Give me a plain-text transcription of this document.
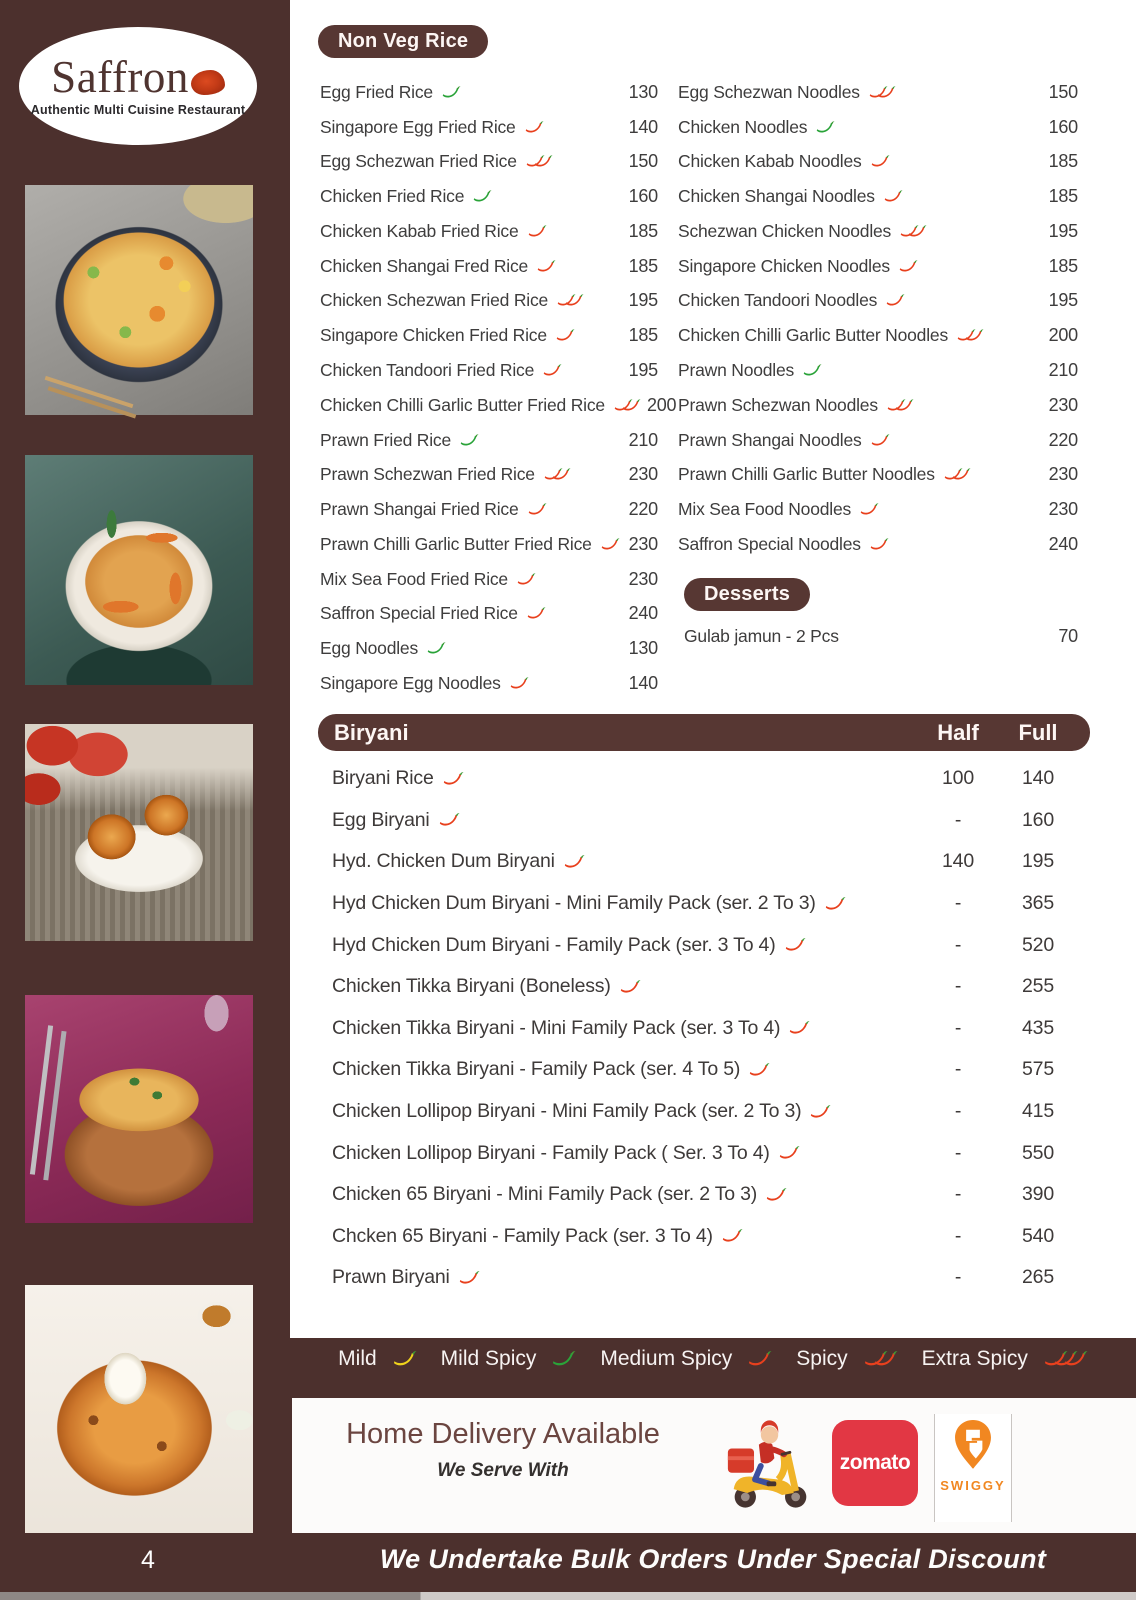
Saffron
Authentic Multi Cuisine Restaurant
Non Veg Rice
Egg Fried Rice	130
Singapore Egg Fried Rice	140
Egg Schezwan Fried Rice	150
Chicken Fried Rice	160
Chicken Kabab Fried Rice	185
Chicken Shangai Fred Rice	185
Chicken Schezwan Fried Rice	195
Singapore Chicken Fried Rice	185
Chicken Tandoori Fried Rice	195
Chicken Chilli Garlic Butter Fried Rice	200
Prawn Fried Rice	210
Prawn Schezwan Fried Rice	230
Prawn Shangai Fried Rice	220
Prawn Chilli Garlic Butter Fried Rice	230
Mix Sea Food Fried Rice	230
Saffron Special Fried Rice	240
Egg Noodles	130
Singapore Egg Noodles	140
Egg Schezwan Noodles	150
Chicken Noodles	160
Chicken Kabab Noodles	185
Chicken Shangai Noodles	185
Schezwan Chicken Noodles	195
Singapore Chicken Noodles	185
Chicken Tandoori Noodles	195
Chicken Chilli Garlic Butter Noodles	200
Prawn Noodles	210
Prawn Schezwan Noodles	230
Prawn Shangai Noodles	220
Prawn Chilli Garlic Butter Noodles	230
Mix Sea Food Noodles	230
Saffron Special Noodles	240
Desserts
Gulab jamun - 2 Pcs	70
Biryani	Half	Full
Biryani Rice	100	140
Egg Biryani	-	160
Hyd. Chicken Dum Biryani	140	195
Hyd Chicken Dum Biryani - Mini Family Pack (ser. 2 To 3)	-	365
Hyd Chicken Dum Biryani - Family Pack (ser. 3 To 4)	-	520
Chicken Tikka Biryani (Boneless)	-	255
Chicken Tikka Biryani - Mini Family Pack (ser. 3 To 4)	-	435
Chicken Tikka Biryani - Family Pack (ser. 4 To 5)	-	575
Chicken Lollipop Biryani - Mini Family Pack (ser. 2 To 3)	-	415
Chicken Lollipop Biryani - Family Pack ( Ser. 3 To 4)	-	550
Chicken 65 Biryani - Mini Family Pack (ser. 2 To 3)	-	390
Chcken 65 Biryani - Family Pack (ser. 3 To 4)	-	540
Prawn Biryani	-	265
Mild	Mild Spicy	Medium Spicy	Spicy	Extra Spicy
Home Delivery Available
We Serve With	zomato
SWIGGY
4	We Undertake Bulk Orders Under Special Discount
